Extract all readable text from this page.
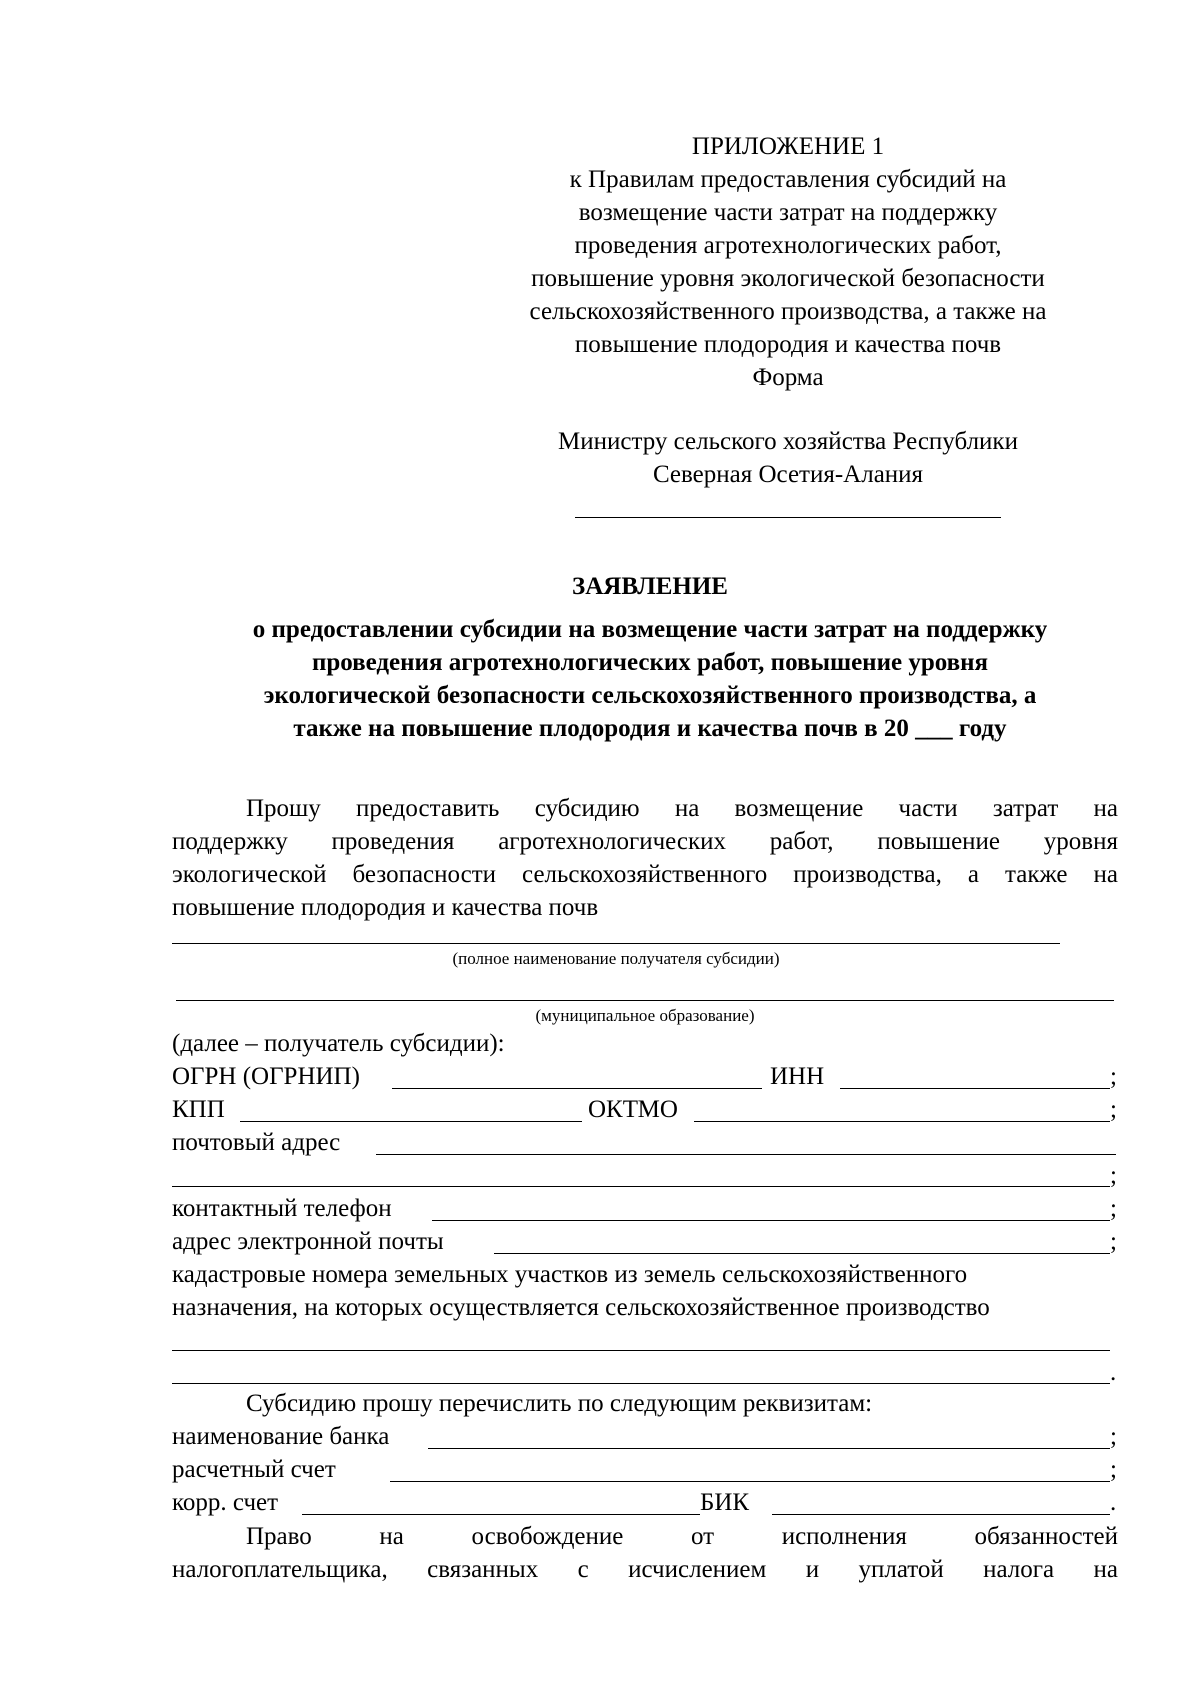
ПРИЛОЖЕНИЕ 1
к Правилам предоставления субсидий на
возмещение части затрат на поддержку
проведения агротехнологических работ,
повышение уровня экологической безопасности
сельскохозяйственного производства, а также на
повышение плодородия и качества почв
Форма
Министру сельского хозяйства Республики
Северная Осетия-Алания
ЗАЯВЛЕНИЕ
о предоставлении субсидии на возмещение части затрат на поддержку
проведения агротехнологических работ, повышение уровня
экологической безопасности сельскохозяйственного производства, а
также на повышение плодородия и качества почв в 20 ___ году
Прошу предоставить субсидию на возмещение части затрат на
поддержку проведения агротехнологических работ, повышение уровня
экологической безопасности сельскохозяйственного производства, а также на
повышение плодородия и качества почв
(полное наименование получателя субсидии)
(муниципальное образование)
(далее – получатель субсидии):
ОГРН (ОГРНИП)	ИНН	;
КПП	ОКТМО	;
почтовый адрес
;
контактный телефон	;
адрес электронной почты	;
кадастровые номера земельных участков из земель сельскохозяйственного
назначения, на которых осуществляется сельскохозяйственное производство
.
Субсидию прошу перечислить по следующим реквизитам:
наименование банка	;
расчетный счет	;
корр. счет	БИК	.
Право на освобождение от исполнения обязанностей
налогоплательщика, связанных с исчислением и уплатой налога на
